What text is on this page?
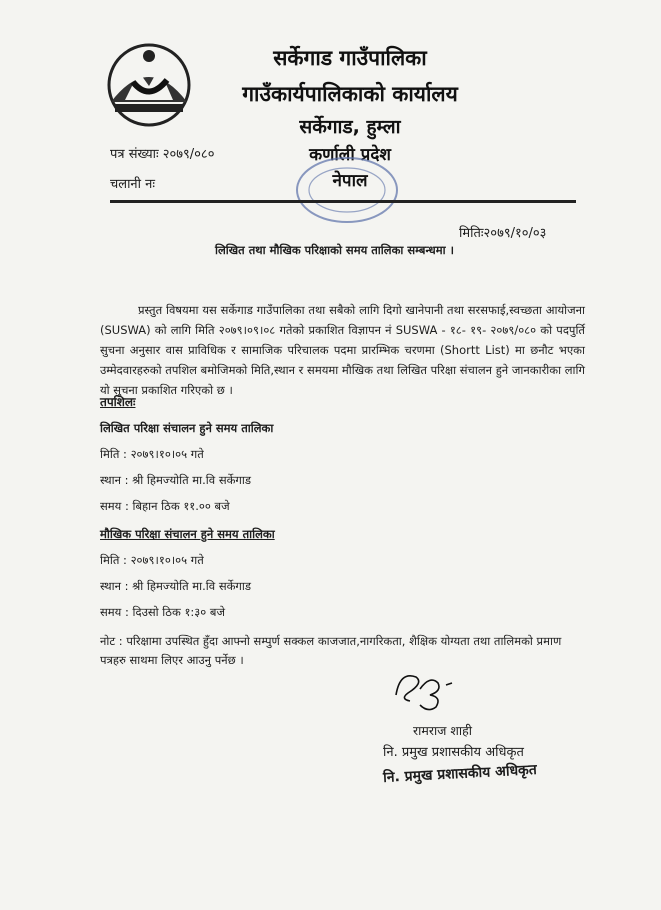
सर्केगाड गाउँपालिका
गाउँकार्यपालिकाको कार्यालय
सर्केगाड, हुम्ला
कर्णाली प्रदेश
नेपाल
पत्र संख्याः २०७९/०८०
चलानी नः
मितिः२०७९/१०/०३
लिखित तथा मौखिक परिक्षाको समय तालिका सम्बन्धमा ।
प्रस्तुत विषयमा यस सर्केगाड गाउँपालिका तथा सबैको लागि दिगो खानेपानी तथा सरसफाई,स्वच्छता आयोजना (SUSWA) को लागि मिति २०७९।०९।०८ गतेको प्रकाशित विज्ञापन नं SUSWA - १८- १९- २०७९/०८० को पदपुर्ति सुचना अनुसार वास प्राविधिक र सामाजिक परिचालक पदमा प्रारम्भिक चरणमा (Shortt List) मा छनौट भएका उम्मेदवारहरुको तपशिल बमोजिमको मिति,स्थान र समयमा मौखिक तथा लिखित परिक्षा संचालन हुने जानकारीका लागि यो सुचना प्रकाशित गरिएको छ ।
तपशिलः
लिखित परिक्षा संचालन हुने समय तालिका
मिति : २०७९।१०।०५ गते
स्थान : श्री हिमज्योति मा.वि सर्केगाड
समय : बिहान ठिक ११.०० बजे
मौखिक परिक्षा संचालन हुने समय तालिका
मिति : २०७९।१०।०५ गते
स्थान : श्री हिमज्योति मा.वि सर्केगाड
समय : दिउसो ठिक १:३० बजे
नोट : परिक्षामा उपस्थित हुँदा आफ्नो सम्पुर्ण सक्कल काजजात,नागरिकता, शैक्षिक योग्यता तथा तालिमको प्रमाण पत्रहरु साथमा लिएर आउनु पर्नेछ ।
रामराज शाही
नि. प्रमुख प्रशासकीय अधिकृत
नि. प्रमुख प्रशासकीय अधिकृत
